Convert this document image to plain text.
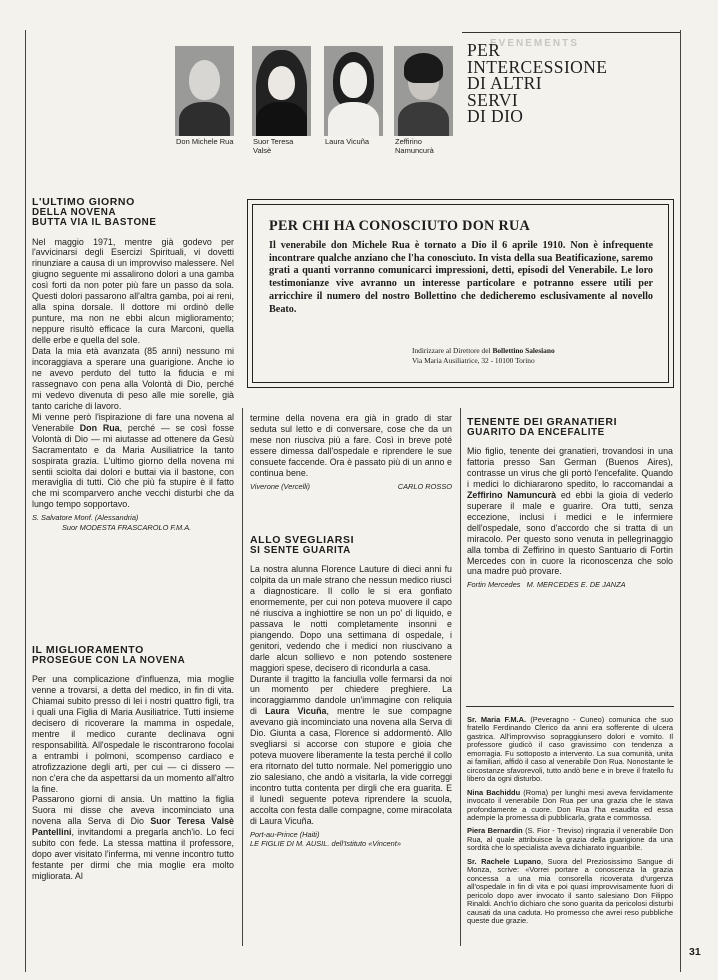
EVENEMENTS
Don Michele Rua	Suor Teresa Valsè
Laura Vicuña	Zeffirino Namuncurà
PER
INTERCESSIONE
DI ALTRI
SERVI
DI DIO
PER CHI HA CONOSCIUTO DON RUA

Il venerabile don Michele Rua è tornato a Dio il 6 aprile 1910. Non è infrequente incontrare qualche anziano che l'ha conosciuto. In vista della sua Beatificazione, saremo grati a quanti vorranno comunicarci impressioni, detti, episodi del Venerabile. Le loro testimonianze vive avranno un interesse particolare e potranno essere utili per arricchire il numero del nostro Bollettino che dedicheremo esclusivamente al novello Beato.

Indirizzare al Direttore del Bollettino Salesiano
Via Maria Ausiliatrice, 32 - 10100 Torino
L'ULTIMO GIORNO
DELLA NOVENA
BUTTA VIA IL BASTONE

Nel maggio 1971, mentre già godevo per l'avvicinarsi degli Esercizi Spirituali, vi dovetti rinunziare a causa di un improvviso malessere. Nel giugno seguente mi assalirono dolori a una gamba così forti da non poter più fare un passo da sola. Questi dolori passarono all'altra gamba, poi ai reni, alla spina dorsale. Il dottore mi ordinò delle punture, ma non ne ebbi alcun miglioramento; neppure risultò efficace la cura Marconi, quella delle erbe e quella del sole.

Data la mia età avanzata (85 anni) nessuno mi incoraggiava a sperare una guarigione. Anche io ne avevo perduto del tutto la fiducia e mi rassegnavo con pena alla Volontà di Dio, perché mi vedevo divenuta di peso alle mie sorelle, già tanto cariche di lavoro.

Mi venne però l'ispirazione di fare una novena al Venerabile Don Rua, perché — se così fosse Volontà di Dio — mi aiutasse ad ottenere da Gesù Sacramentato e da Maria Ausiliatrice la tanto sospirata grazia. L'ultimo giorno della novena mi sentii sciolta dai dolori e buttai via il bastone, con meraviglia di tutti. Ciò che più fa stupire è il fatto che mi scomparvero anche vecchi disturbi che da lungo tempo sopportavo.

S. Salvatore Monf. (Alessandria)
Suor MODESTA FRASCAROLO F.M.A.
IL MIGLIORAMENTO
PROSEGUE CON LA NOVENA

Per una complicazione d'influenza, mia moglie venne a trovarsi, a detta del medico, in fin di vita. Chiamai subito presso di lei i nostri quattro figli, tra i quali una Figlia di Maria Ausiliatrice. Tutti insieme decisero di ricoverare la mamma in ospedale, mentre il medico curante declinava ogni responsabilità. All'ospedale le riscontrarono focolai a entrambi i polmoni, scompenso cardiaco e atrofizzazione degli arti, per cui — ci dissero — non c'era che da aspettarsi da un momento all'altro la fine.

Passarono giorni di ansia. Un mattino la figlia Suora mi disse che aveva incominciato una novena alla Serva di Dio Suor Teresa Valsè Pantellini, invitandomi a pregarla anch'io. Lo feci subito con fede. La stessa mattina il professore, dopo aver visitato l'inferma, mi venne incontro tutto festante per dirmi che mia moglie era molto migliorata. Al

termine della novena era già in grado di star seduta sul letto e di conversare, cose che da un mese non riusciva più a fare. Così in breve poté essere dimessa dall'ospedale e riprendere le sue consuete faccende. Ora è passato più di un anno e continua bene.

Viverone (Vercelli)	CARLO ROSSO
ALLO SVEGLIARSI
SI SENTE GUARITA

La nostra alunna Florence Lauture di dieci anni fu colpita da un male strano che nessun medico riuscì a diagnosticare. Il collo le si era gonfiato enormemente, per cui non poteva muovere il capo né riusciva a inghiottire se non un po' di liquido, e passava le notti completamente insonni e piangendo. Dopo una settimana di ospedale, i genitori, vedendo che i medici non riuscivano a darle alcun sollievo e non potendo sostenere maggiori spese, decisero di ricondurla a casa.

Durante il tragitto la fanciulla volle fermarsi da noi un momento per chiedere preghiere. La incoraggiammo dandole un'immagine con reliquia di Laura Vicuña, mentre le sue compagne avevano già incominciato una novena alla Serva di Dio. Giunta a casa, Florence si addormentò. Allo svegliarsi si accorse con stupore e gioia che poteva muovere liberamente la testa perché il collo era ritornato del tutto normale. Nel pomeriggio uno zio salesiano, che andò a visitarla, la vide correggi incontro tutta contenta per dirgli che era guarita. E il lunedì seguente poteva riprendere la scuola, accolta con festa dalle compagne, come miracolata di Laura Vicuña.

Port-au-Prince (Haiti)
LE FIGLIE DI M. AUSIL. dell'Istituto «Vincent»
TENENTE DEI GRANATIERI
GUARITO DA ENCEFALITE

Mio figlio, tenente dei granatieri, trovandosi in una fattoria presso San German (Buenos Aires), contrasse un virus che gli portò l'encefalite. Quando i medici lo dichiararono spedito, lo raccomandai a Zeffirino Namuncurà ed ebbi la gioia di vederlo superare il male e guarire. Ora tutti, senza eccezione, inclusi i medici e le infermiere dell'ospedale, sono d'accordo che si tratta di un miracolo. Per questo sono venuta in pellegrinaggio alla tomba di Zeffirino in questo Santuario di Fortin Mercedes con in cuore la riconoscenza che solo una madre può provare.

Fortin Mercedes M. MERCEDES E. DE JANZA

Sr. Maria F.M.A. (Peveragno - Cuneo) comunica che suo fratello Ferdinando Clerico da anni era sofferente di ulcera gastrica. All'improvviso sopraggiunsero dolori e vomito. Il professore giudicò il caso gravissimo con tendenza a emorragia. Fu sottoposto a intervento. La sua comunità, unita ai familiari, affidò il caso al venerabile Don Rua. Nonostante le circostanze sfavorevoli, tutto andò bene e in breve il fratello fu libero da ogni disturbo.

Nina Bachiddu (Roma) per lunghi mesi aveva fervidamente invocato il venerabile Don Rua per una grazia che le stava profondamente a cuore. Don Rua l'ha esaudita ed essa adempie la promessa di pubblicarla, grata e commossa.

Piera Bernardin (S. Fior - Treviso) ringrazia il venerabile Don Rua, al quale attribuisce la grazia della guarigione da una sordità che lo specialista aveva dichiarato inguaribile.

Sr. Rachele Lupano, Suora del Preziosissimo Sangue di Monza, scrive: «Vorrei portare a conoscenza la grazia concessa a una mia consorella ricoverata d'urgenza all'ospedale in fin di vita e poi quasi improvvisamente fuori di pericolo dopo aver invocato il santo salesiano Don Filippo Rinaldi. Anch'io dichiaro che sono guarita da pericolosi disturbi causati da una caduta. Ho promesso che avrei reso pubbliche queste due grazie.

31
